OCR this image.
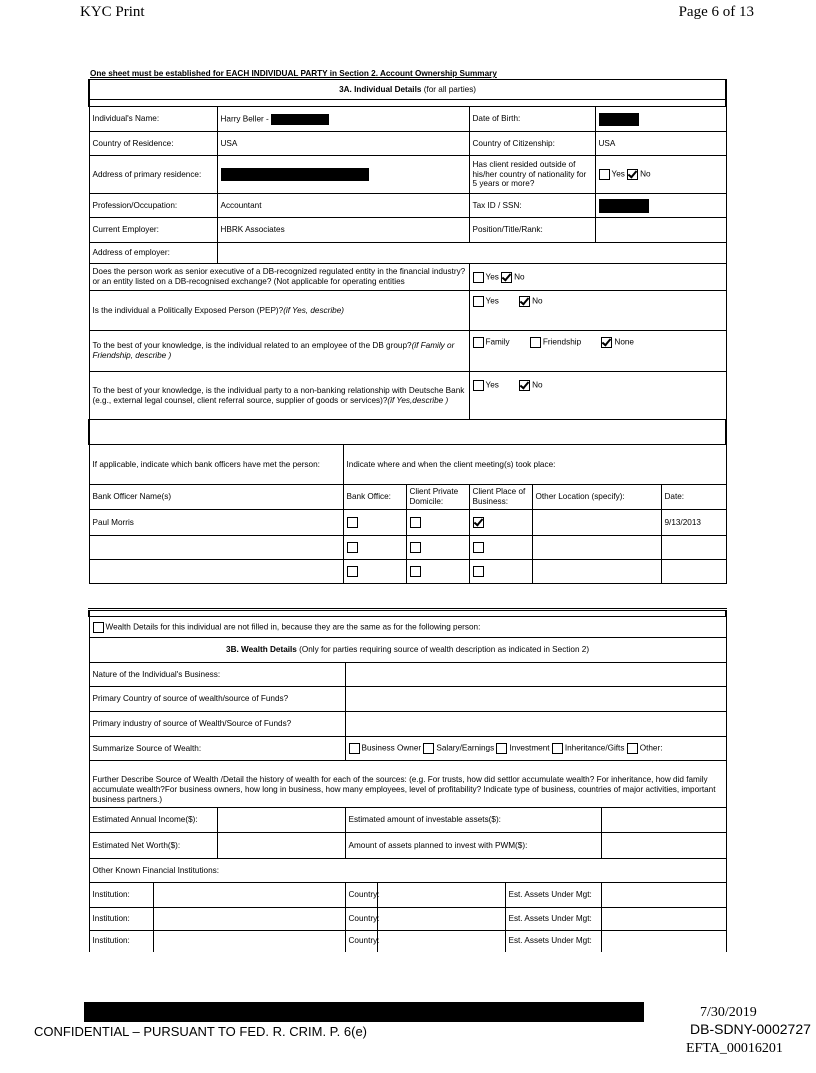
KYC Print	Page 6 of 13
One sheet must be established for EACH INDIVIDUAL PARTY in Section 2. Account Ownership Summary
3A. Individual Details (for all parties)							

Individual's Name:	Harry Beller -			Date of Birth:			
Country of Residence:	USA			Country of Citizenship:		USA	
Address of primary residence:				Has client resided outside of his/her country of nationality for 5 years or more?		Yes No	
Profession/Occupation:	Accountant			Tax ID / SSN:			
Current Employer:	HBRK Associates			Position/Title/Rank:			
Address of employer:							
Does the person work as senior executive of a DB-recognized regulated entity in the financial industry? or an entity listed on a DB-recognised exchange? (Not applicable for operating entities				Yes No			
Is the individual a Politically Exposed Person (PEP)?(if Yes, describe)				Yes No			
To the best of your knowledge, is the individual related to an employee of the DB group?(if Family or Friendship, describe )				Family Friendship None			
To the best of your knowledge, is the individual party to a non-banking relationship with Deutsche Bank (e.g., external legal counsel, client referral source, supplier of goods or services)?(if Yes,describe )				Yes No			

If applicable, indicate which bank officers have met the person:		Indicate where and when the client meeting(s) took place:					
Bank Officer Name(s)		Bank Office:	Client Private Domicile:	Client Place of Business:	Other Location (specify):		Date:
Paul Morris							9/13/2013

Wealth Details for this individual are not filled in, because they are the same as for the following person:						
3B. Wealth Details (Only for parties requiring source of wealth description as indicated in Section 2)						
Nature of the Individual's Business:						
Primary Country of source of wealth/source of Funds?						
Primary industry of source of Wealth/Source of Funds?						
Summarize Source of Wealth:			Business Owner Salary/Earnings Investment Inheritance/Gifts Other:			
Further Describe Source of Wealth /Detail the history of wealth for each of the sources: (e.g. For trusts, how did settlor accumulate wealth? For inheritance, how did family accumulate wealth?For business owners, how long in business, how many employees, level of profitability? Indicate type of business, countries of major activities, important business partners.)						
Estimated Annual Income($):			Estimated amount of investable assets($):			
Estimated Net Worth($):			Amount of assets planned to invest with PWM($):			
Other Known Financial Institutions:						
Institution:			Country:		Est. Assets Under Mgt:	
Institution:			Country:		Est. Assets Under Mgt:	
Institution:			Country:		Est. Assets Under Mgt:	
CONFIDENTIAL – PURSUANT TO FED. R. CRIM. P. 6(e)
7/30/2019
DB-SDNY-0002727
EFTA_00016201
